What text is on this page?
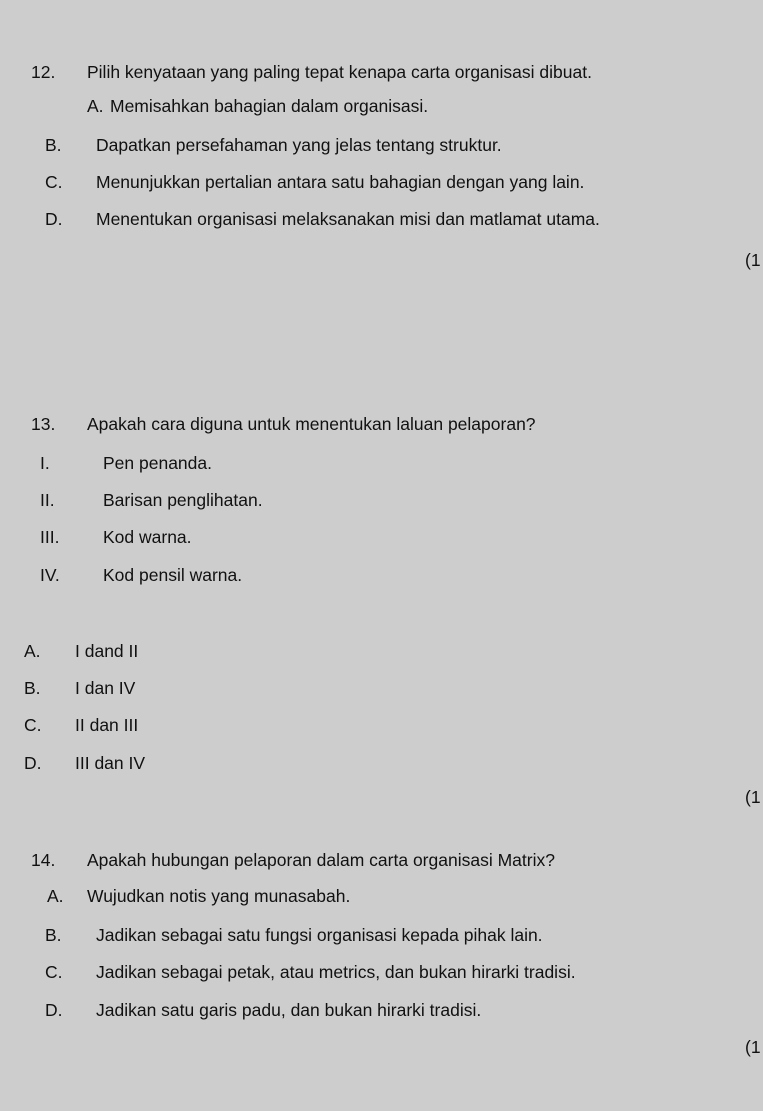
12. Pilih kenyataan yang paling tepat kenapa carta organisasi dibuat.
A. Memisahkan bahagian dalam organisasi.
B. Dapatkan persefahaman yang jelas tentang struktur.
C. Menunjukkan pertalian antara satu bahagian dengan yang lain.
D. Menentukan organisasi melaksanakan misi dan matlamat utama.
(1
13. Apakah cara diguna untuk menentukan laluan pelaporan?
I.	Pen penanda.
II.	Barisan penglihatan.
III. Kod warna.
IV. Kod pensil warna.
A. I dand II
B. I dan IV
C. II dan III
D. III dan IV
(1
14. Apakah hubungan pelaporan dalam carta organisasi Matrix?
A. Wujudkan notis yang munasabah.
B. Jadikan sebagai satu fungsi organisasi kepada pihak lain.
C. Jadikan sebagai petak, atau metrics, dan bukan hirarki tradisi.
D. Jadikan satu garis padu, dan bukan hirarki tradisi.
(1
